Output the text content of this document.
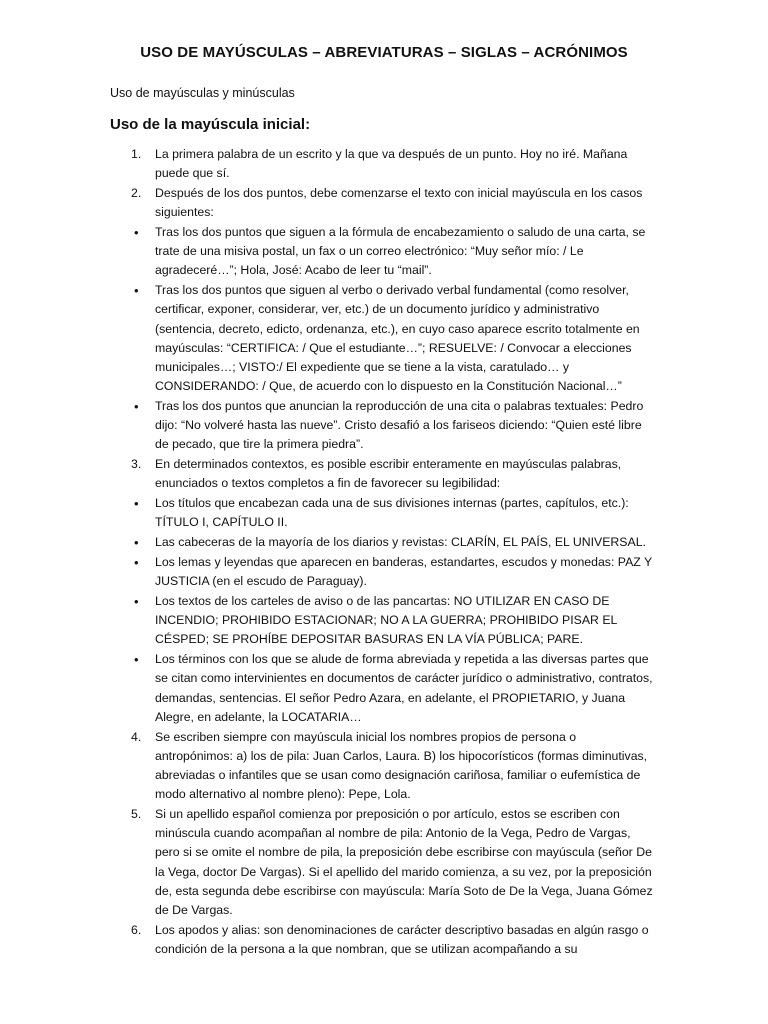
USO DE MAYÚSCULAS – ABREVIATURAS – SIGLAS – ACRÓNIMOS
Uso de mayúsculas y minúsculas
Uso de la mayúscula inicial:
1.	La primera palabra de un escrito y la que va después de un punto. Hoy no iré. Mañana puede que sí.
2.	Después de los dos puntos, debe comenzarse el texto con inicial mayúscula en los casos siguientes:
•	Tras los dos puntos que siguen a la fórmula de encabezamiento o saludo de una carta, se trate de una misiva postal, un fax o un correo electrónico: “Muy señor mío: / Le agradeceré…”; Hola, José: Acabo de leer tu “mail”.
•	Tras los dos puntos que siguen al verbo o derivado verbal fundamental (como resolver, certificar, exponer, considerar, ver, etc.) de un documento jurídico y administrativo (sentencia, decreto, edicto, ordenanza, etc.), en cuyo caso aparece escrito totalmente en mayúsculas: “CERTIFICA: / Que el estudiante…”; RESUELVE: / Convocar a elecciones municipales…; VISTO:/ El expediente que se tiene a la vista, caratulado… y CONSIDERANDO: / Que, de acuerdo con lo dispuesto en la Constitución Nacional…”
•	Tras los dos puntos que anuncian la reproducción de una cita o palabras textuales: Pedro dijo: “No volveré hasta las nueve”. Cristo desafió a los fariseos diciendo: “Quien esté libre de pecado, que tire la primera piedra”.
3.	En determinados contextos, es posible escribir enteramente en mayúsculas palabras, enunciados o textos completos a fin de favorecer su legibilidad:
•	Los títulos que encabezan cada una de sus divisiones internas (partes, capítulos, etc.): TÍTULO I, CAPÍTULO II.
•	Las cabeceras de la mayoría de los diarios y revistas: CLARÍN, EL PAÍS, EL UNIVERSAL.
•	Los lemas y leyendas que aparecen en banderas, estandartes, escudos y monedas: PAZ Y JUSTICIA (en el escudo de Paraguay).
•	Los textos de los carteles de aviso o de las pancartas: NO UTILIZAR EN CASO DE INCENDIO; PROHIBIDO ESTACIONAR; NO A LA GUERRA; PROHIBIDO PISAR EL CÉSPED; SE PROHÍBE DEPOSITAR BASURAS EN LA VÍA PÚBLICA; PARE.
•	Los términos con los que se alude de forma abreviada y repetida a las diversas partes que se citan como intervinientes en documentos de carácter jurídico o administrativo, contratos, demandas, sentencias. El señor Pedro Azara, en adelante, el PROPIETARIO, y Juana Alegre, en adelante, la LOCATARIA…
4.	Se escriben siempre con mayúscula inicial los nombres propios de persona o antropónimos: a) los de pila: Juan Carlos, Laura. B) los hipocorísticos (formas diminutivas, abreviadas o infantiles que se usan como designación cariñosa, familiar o eufemística de modo alternativo al nombre pleno): Pepe, Lola.
5.	Si un apellido español comienza por preposición o por artículo, estos se escriben con minúscula cuando acompañan al nombre de pila: Antonio de la Vega, Pedro de Vargas, pero si se omite el nombre de pila, la preposición debe escribirse con mayúscula (señor De la Vega, doctor De Vargas). Si el apellido del marido comienza, a su vez, por la preposición de, esta segunda debe escribirse con mayúscula: María Soto de De la Vega, Juana Gómez de De Vargas.
6.	Los apodos y alias: son denominaciones de carácter descriptivo basadas en algún rasgo o condición de la persona a la que nombran, que se utilizan acompañando a su
